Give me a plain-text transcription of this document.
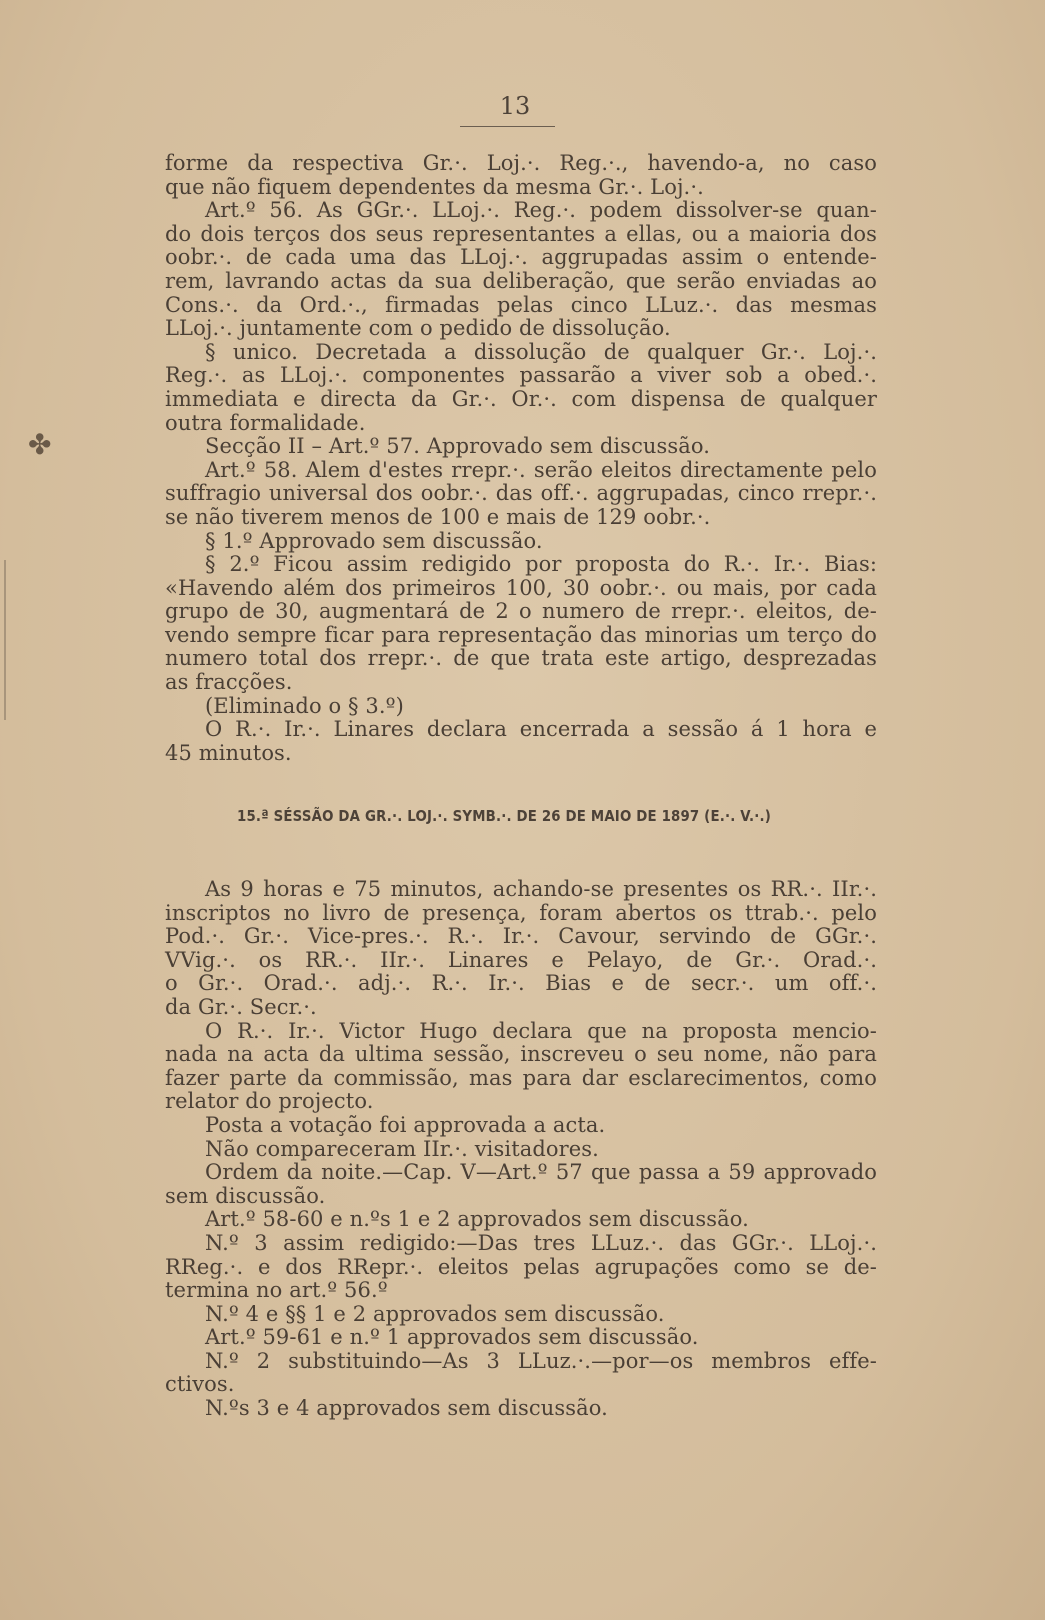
13
✤
forme da respectiva Gr.·. Loj.·. Reg.·., havendo-a, no caso
que não fiquem dependentes da mesma Gr.·. Loj.·.
Art.º 56. As GGr.·. LLoj.·. Reg.·. podem dissolver-se quan-
do dois terços dos seus representantes a ellas, ou a maioria dos
oobr.·. de cada uma das LLoj.·. aggrupadas assim o entende-
rem, lavrando actas da sua deliberação, que serão enviadas ao
Cons.·. da Ord.·., firmadas pelas cinco LLuz.·. das mesmas
LLoj.·. juntamente com o pedido de dissolução.
§ unico. Decretada a dissolução de qualquer Gr.·. Loj.·.
Reg.·. as LLoj.·. componentes passarão a viver sob a obed.·.
immediata e directa da Gr.·. Or.·. com dispensa de qualquer
outra formalidade.
Secção II – Art.º 57. Approvado sem discussão.
Art.º 58. Alem d'estes rrepr.·. serão eleitos directamente pelo
suffragio universal dos oobr.·. das off.·. aggrupadas, cinco rrepr.·.
se não tiverem menos de 100 e mais de 129 oobr.·.
§ 1.º Approvado sem discussão.
§ 2.º Ficou assim redigido por proposta do R.·. Ir.·. Bias:
«Havendo além dos primeiros 100, 30 oobr.·. ou mais, por cada
grupo de 30, augmentará de 2 o numero de rrepr.·. eleitos, de-
vendo sempre ficar para representação das minorias um terço do
numero total dos rrepr.·. de que trata este artigo, desprezadas
as fracções.
(Eliminado o § 3.º)
O R.·. Ir.·. Linares declara encerrada a sessão á 1 hora e
45 minutos.
15.ª SÉSSÃO DA GR.·. LOJ.·. SYMB.·. DE 26 DE MAIO DE 1897 (E.·. V.·.)
As 9 horas e 75 minutos, achando-se presentes os RR.·. IIr.·.
inscriptos no livro de presença, foram abertos os ttrab.·. pelo
Pod.·. Gr.·. Vice-pres.·. R.·. Ir.·. Cavour, servindo de GGr.·.
VVig.·. os RR.·. IIr.·. Linares e Pelayo, de Gr.·. Orad.·.
o Gr.·. Orad.·. adj.·. R.·. Ir.·. Bias e de secr.·. um off.·.
da Gr.·. Secr.·.
O R.·. Ir.·. Victor Hugo declara que na proposta mencio-
nada na acta da ultima sessão, inscreveu o seu nome, não para
fazer parte da commissão, mas para dar esclarecimentos, como
relator do projecto.
Posta a votação foi approvada a acta.
Não compareceram IIr.·. visitadores.
Ordem da noite.—Cap. V—Art.º 57 que passa a 59 approvado
sem discussão.
Art.º 58-60 e n.ºs 1 e 2 approvados sem discussão.
N.º 3 assim redigido:—Das tres LLuz.·. das GGr.·. LLoj.·.
RReg.·. e dos RRepr.·. eleitos pelas agrupações como se de-
termina no art.º 56.º
N.º 4 e §§ 1 e 2 approvados sem discussão.
Art.º 59-61 e n.º 1 approvados sem discussão.
N.º 2 substituindo—As 3 LLuz.·.—por—os membros effe-
ctivos.
N.ºs 3 e 4 approvados sem discussão.
